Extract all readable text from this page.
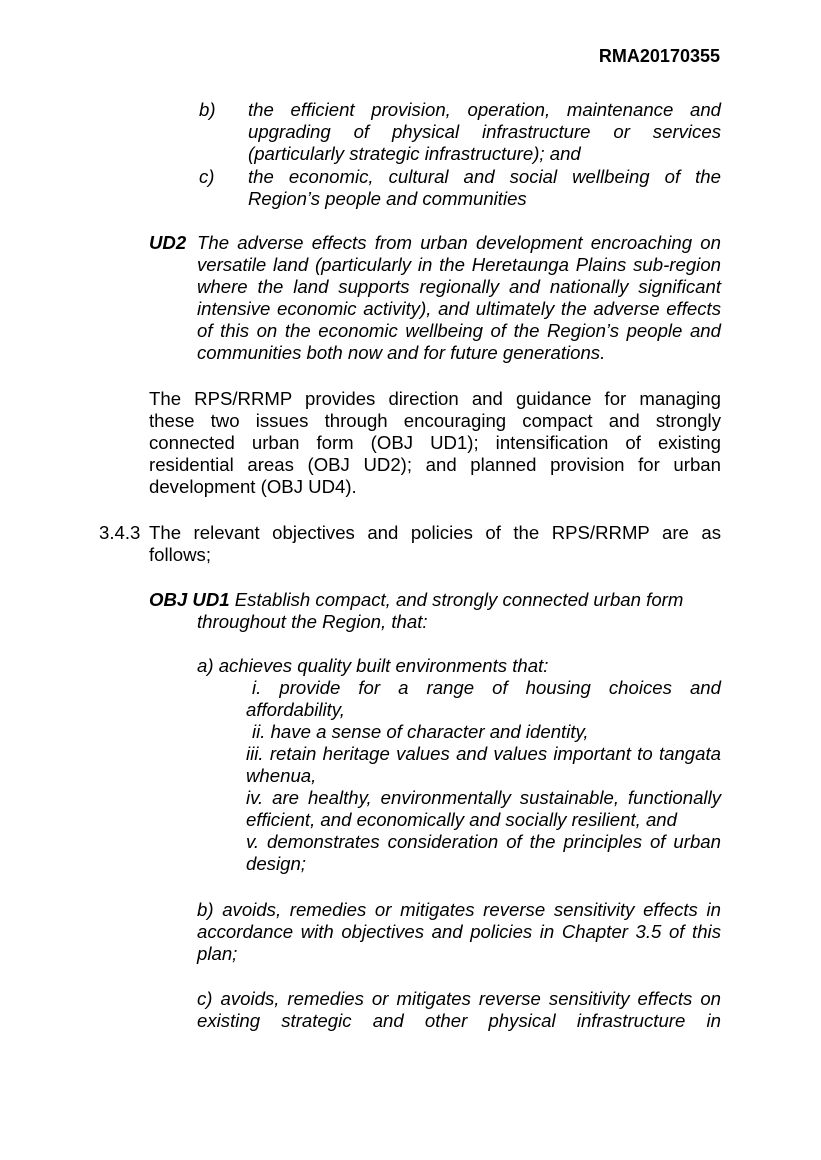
RMA20170355
b) the efficient provision, operation, maintenance and
upgrading of physical infrastructure or services
(particularly strategic infrastructure); and
c) the economic, cultural and social wellbeing of the
Region’s people and communities
UD2 The adverse effects from urban development encroaching on
versatile land (particularly in the Heretaunga Plains sub-region
where the land supports regionally and nationally significant
intensive economic activity), and ultimately the adverse effects
of this on the economic wellbeing of the Region’s people and
communities both now and for future generations.
The RPS/RRMP provides direction and guidance for managing
these two issues through encouraging compact and strongly
connected urban form (OBJ UD1); intensification of existing
residential areas (OBJ UD2); and planned provision for urban
development (OBJ UD4).
3.4.3 The relevant objectives and policies of the RPS/RRMP are as
follows;
OBJ UD1 Establish compact, and strongly connected urban form
throughout the Region, that:
a) achieves quality built environments that:
i. provide for a range of housing choices and
affordability,
ii. have a sense of character and identity,
iii. retain heritage values and values important to tangata
whenua,
iv. are healthy, environmentally sustainable, functionally
efficient, and economically and socially resilient, and
v. demonstrates consideration of the principles of urban
design;
b) avoids, remedies or mitigates reverse sensitivity effects in
accordance with objectives and policies in Chapter 3.5 of this
plan;
c) avoids, remedies or mitigates reverse sensitivity effects on
existing strategic and other physical infrastructure in
